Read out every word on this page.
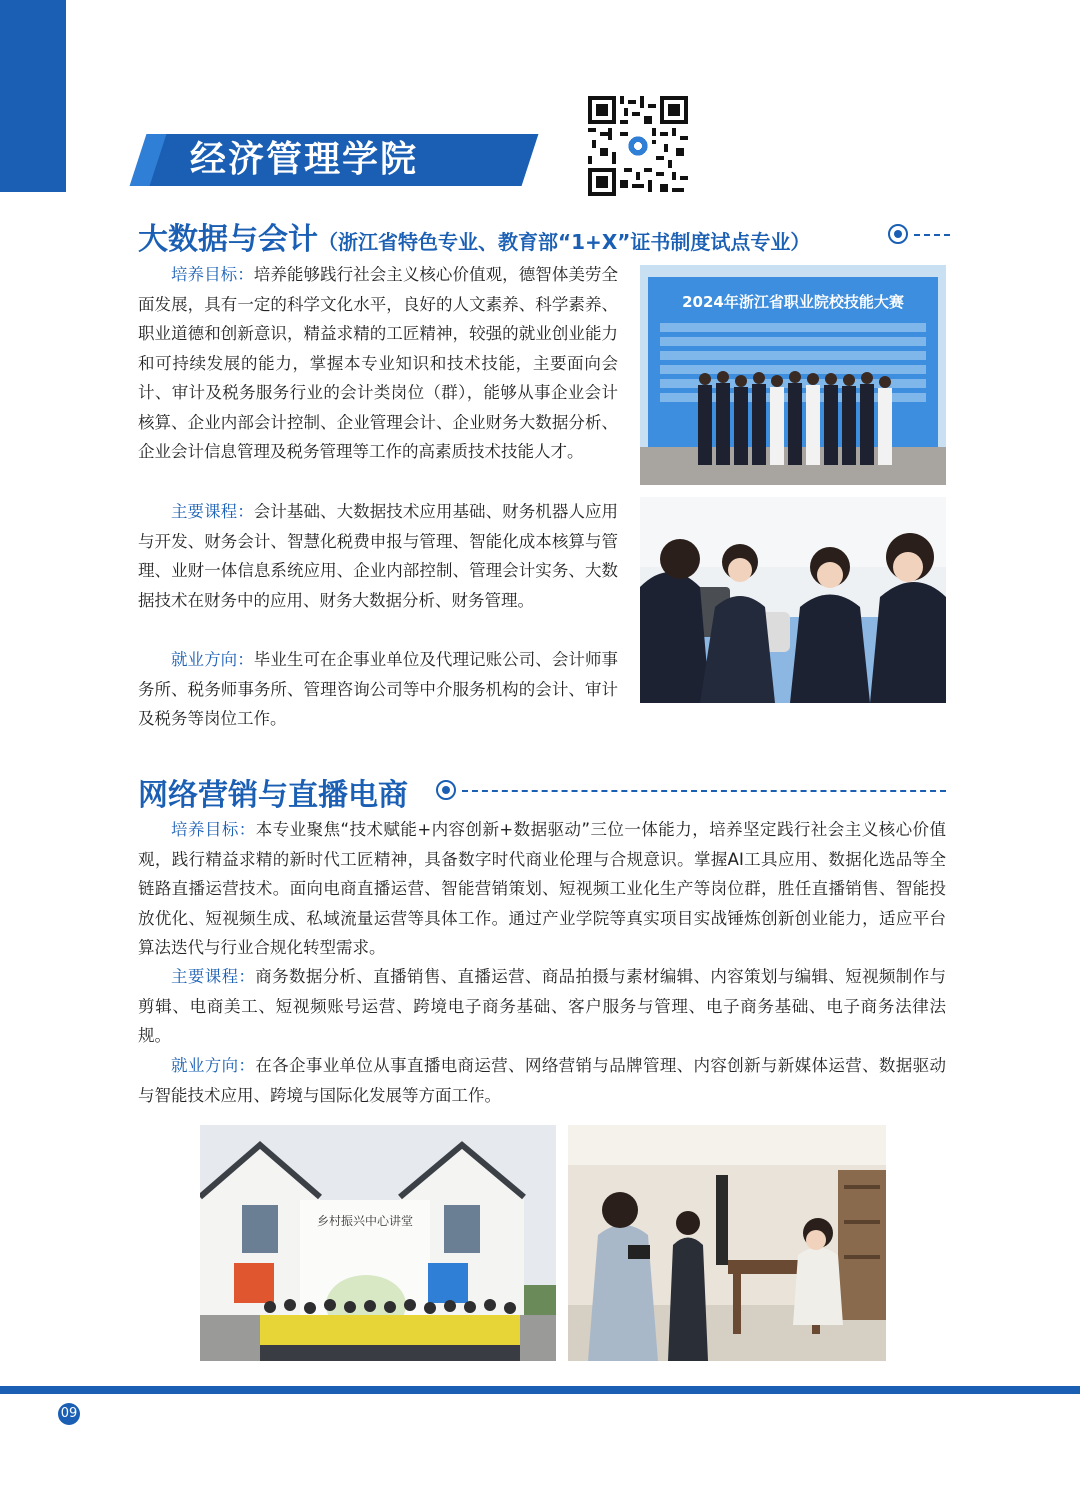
经济管理学院
大数据与会计（浙江省特色专业、教育部“1+X”证书制度试点专业）
培养目标：培养能够践行社会主义核心价值观，德智体美劳全面发展，具有一定的科学文化水平，良好的人文素养、科学素养、职业道德和创新意识，精益求精的工匠精神，较强的就业创业能力和可持续发展的能力，掌握本专业知识和技术技能，主要面向会计、审计及税务服务行业的会计类岗位（群），能够从事企业会计核算、企业内部会计控制、企业管理会计、企业财务大数据分析、企业会计信息管理及税务管理等工作的高素质技术技能人才。
主要课程：会计基础、大数据技术应用基础、财务机器人应用与开发、财务会计、智慧化税费申报与管理、智能化成本核算与管理、业财一体信息系统应用、企业内部控制、管理会计实务、大数据技术在财务中的应用、财务大数据分析、财务管理。
就业方向：毕业生可在企事业单位及代理记账公司、会计师事务所、税务师事务所、管理咨询公司等中介服务机构的会计、审计及税务等岗位工作。
2024年浙江省职业院校技能大赛
网络营销与直播电商
培养目标：本专业聚焦“技术赋能+内容创新+数据驱动”三位一体能力，培养坚定践行社会主义核心价值观，践行精益求精的新时代工匠精神，具备数字时代商业伦理与合规意识。掌握AI工具应用、数据化选品等全链路直播运营技术。面向电商直播运营、智能营销策划、短视频工业化生产等岗位群，胜任直播销售、智能投放优化、短视频生成、私域流量运营等具体工作。通过产业学院等真实项目实战锤炼创新创业能力，适应平台算法迭代与行业合规化转型需求。
主要课程：商务数据分析、直播销售、直播运营、商品拍摄与素材编辑、内容策划与编辑、短视频制作与剪辑、电商美工、短视频账号运营、跨境电子商务基础、客户服务与管理、电子商务基础、电子商务法律法规。
就业方向：在各企事业单位从事直播电商运营、网络营销与品牌管理、内容创新与新媒体运营、数据驱动与智能技术应用、跨境与国际化发展等方面工作。
乡村振兴中心讲堂
09
